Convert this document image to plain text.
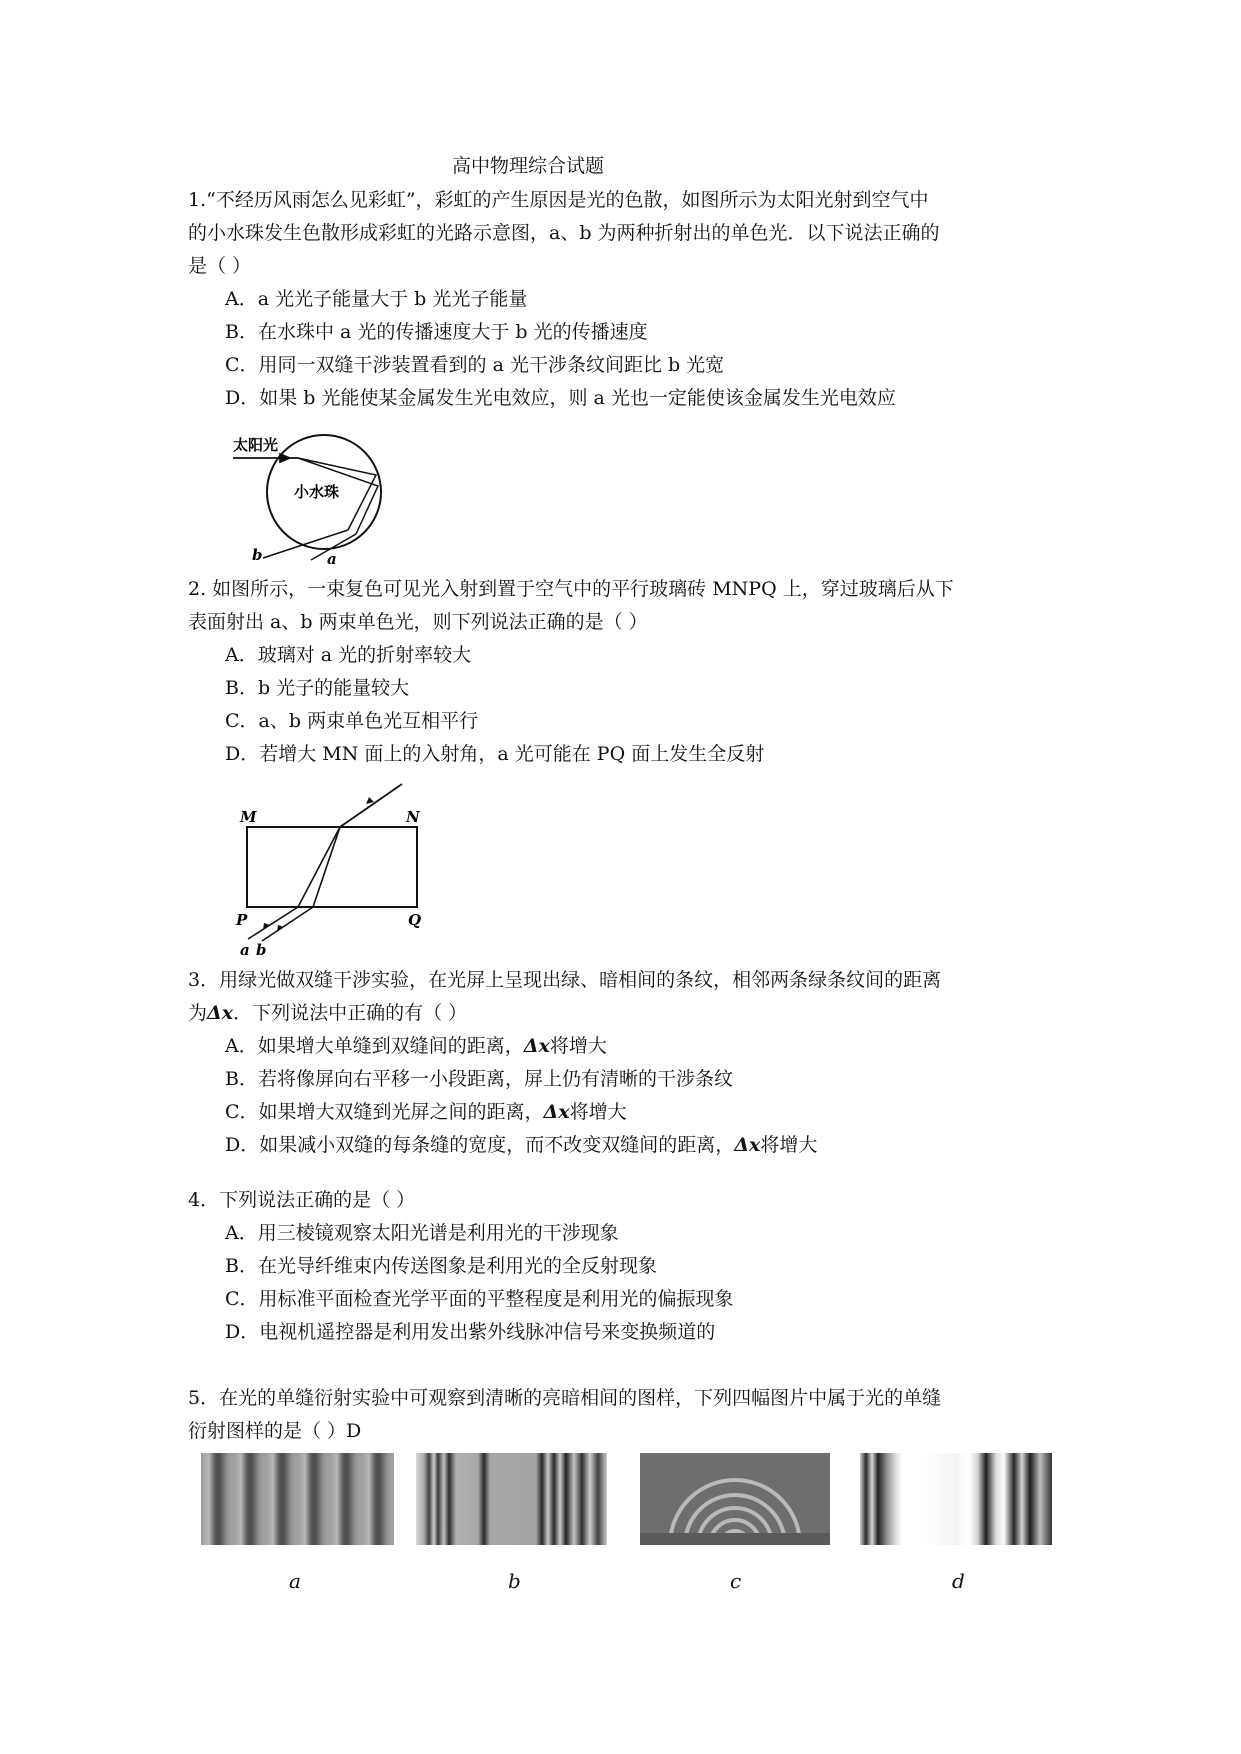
高中物理综合试题
1.“不经历风雨怎么见彩虹”，彩虹的产生原因是光的色散，如图所示为太阳光射到空气中
的小水珠发生色散形成彩虹的光路示意图，a、b 为两种折射出的单色光．以下说法正确的
是（ ）
A．a 光光子能量大于 b 光光子能量
B．在水珠中 a 光的传播速度大于 b 光的传播速度
C．用同一双缝干涉装置看到的 a 光干涉条纹间距比 b 光宽
D．如果 b 光能使某金属发生光电效应，则 a 光也一定能使该金属发生光电效应
太阳光
小水珠
b	a
2. 如图所示，一束复色可见光入射到置于空气中的平行玻璃砖 MNPQ 上，穿过玻璃后从下
表面射出 a、b 两束单色光，则下列说法正确的是（ ）
A．玻璃对 a 光的折射率较大
B．b 光子的能量较大
C．a、b 两束单色光互相平行
D．若增大 MN 面上的入射角，a 光可能在 PQ 面上发生全反射
M	N
P	Q
a b
3．用绿光做双缝干涉实验，在光屏上呈现出绿、暗相间的条纹，相邻两条绿条纹间的距离
为Δx．下列说法中正确的有（ ）
A．如果增大单缝到双缝间的距离，Δx将增大
B．若将像屏向右平移一小段距离，屏上仍有清晰的干涉条纹
C．如果增大双缝到光屏之间的距离，Δx将增大
D．如果减小双缝的每条缝的宽度，而不改变双缝间的距离，Δx将增大
4．下列说法正确的是（ ）
A．用三棱镜观察太阳光谱是利用光的干涉现象
B．在光导纤维束内传送图象是利用光的全反射现象
C．用标准平面检查光学平面的平整程度是利用光的偏振现象
D．电视机遥控器是利用发出紫外线脉冲信号来变换频道的
5．在光的单缝衍射实验中可观察到清晰的亮暗相间的图样，下列四幅图片中属于光的单缝
衍射图样的是（ ）D
a	b	c	d
